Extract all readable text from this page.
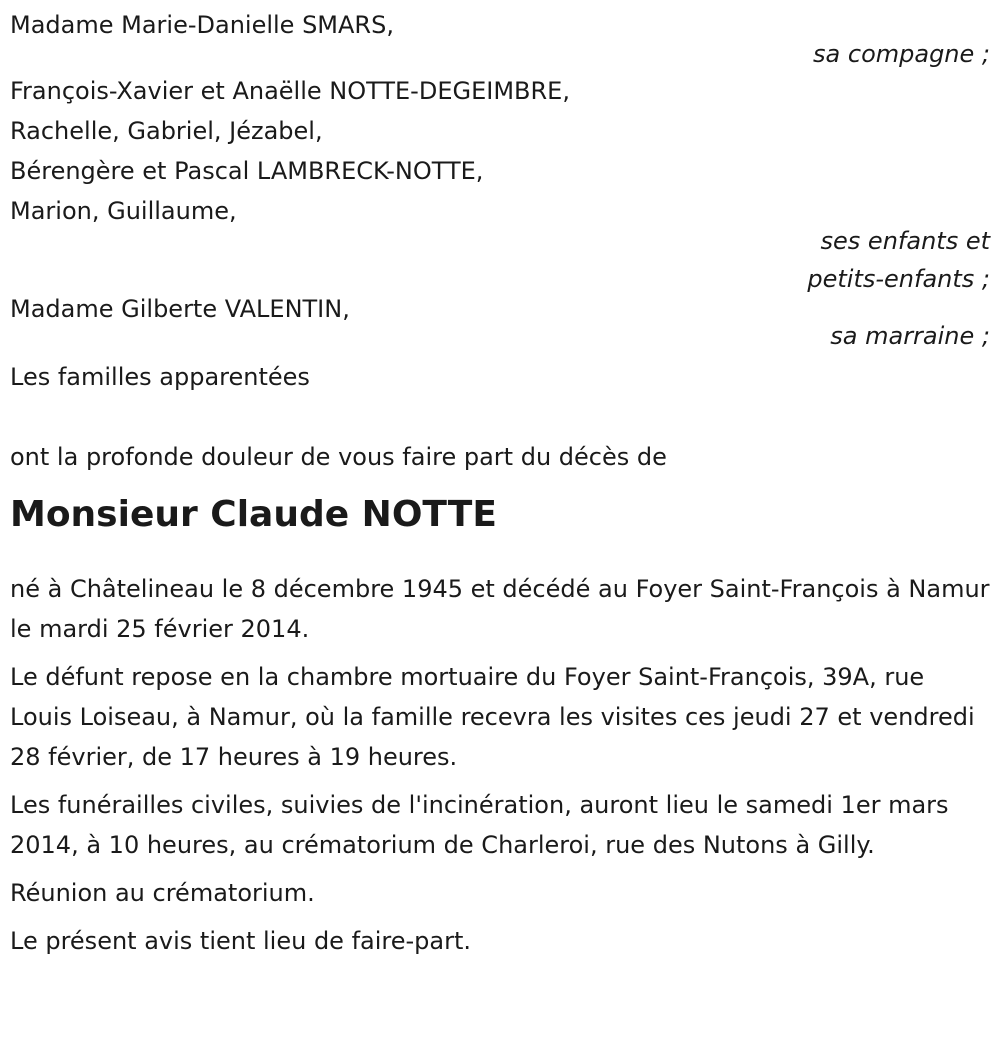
Madame Marie-Danielle SMARS,
sa compagne ;
François-Xavier et Anaëlle NOTTE-DEGEIMBRE,
Rachelle, Gabriel, Jézabel,
Bérengère et Pascal LAMBRECK-NOTTE,
Marion, Guillaume,
ses enfants et
petits-enfants ;
Madame Gilberte VALENTIN,
sa marraine ;
Les familles apparentées
ont la profonde douleur de vous faire part du décès de
Monsieur Claude NOTTE
né à Châtelineau le 8 décembre 1945 et décédé au Foyer Saint-François à Namur le mardi 25 février 2014.
Le défunt repose en la chambre mortuaire du Foyer Saint-François, 39A, rue Louis Loiseau, à Namur, où la famille recevra les visites ces jeudi 27 et vendredi 28 février, de 17 heures à 19 heures.
Les funérailles civiles, suivies de l'incinération, auront lieu le samedi 1er mars 2014, à 10 heures, au crématorium de Charleroi, rue des Nutons à Gilly.
Réunion au crématorium.
Le présent avis tient lieu de faire-part.
